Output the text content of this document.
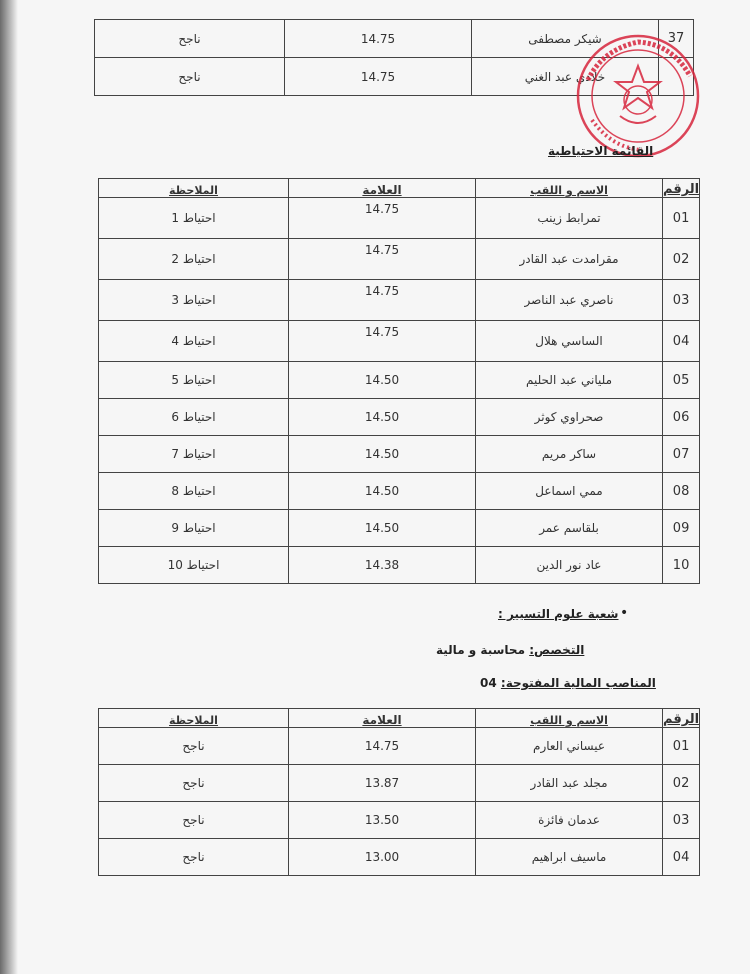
37	شيكر مصطفى	14.75	ناجح
	خلادي عبد الغني	14.75	ناجح
القائمة الاحتياطية
الرقم	الاسم و اللقب	العلامة	الملاحظة
01	تمرابط زينب	14.75	احتياط 1
02	مقرامدت عبد القادر	14.75	احتياط 2
03	ناصري عبد الناصر	14.75	احتياط 3
04	الساسي هلال	14.75	احتياط 4
05	ملياني عبد الحليم	14.50	احتياط 5
06	صحراوي كوثر	14.50	احتياط 6
07	ساكر مريم	14.50	احتياط 7
08	ممي اسماعل	14.50	احتياط 8
09	بلقاسم عمر	14.50	احتياط 9
10	عاد نور الدين	14.38	احتياط 10
•
شعبة علوم التسيير :
التخصص: محاسبة و مالية
المناصب المالية المفتوحة: 04
الرقم	الاسم و اللقب	العلامة	الملاحظة
01	عيساني العارم	14.75	ناجح
02	مجلد عبد القادر	13.87	ناجح
03	عدمان فائزة	13.50	ناجح
04	ماسيف ابراهيم	13.00	ناجح
